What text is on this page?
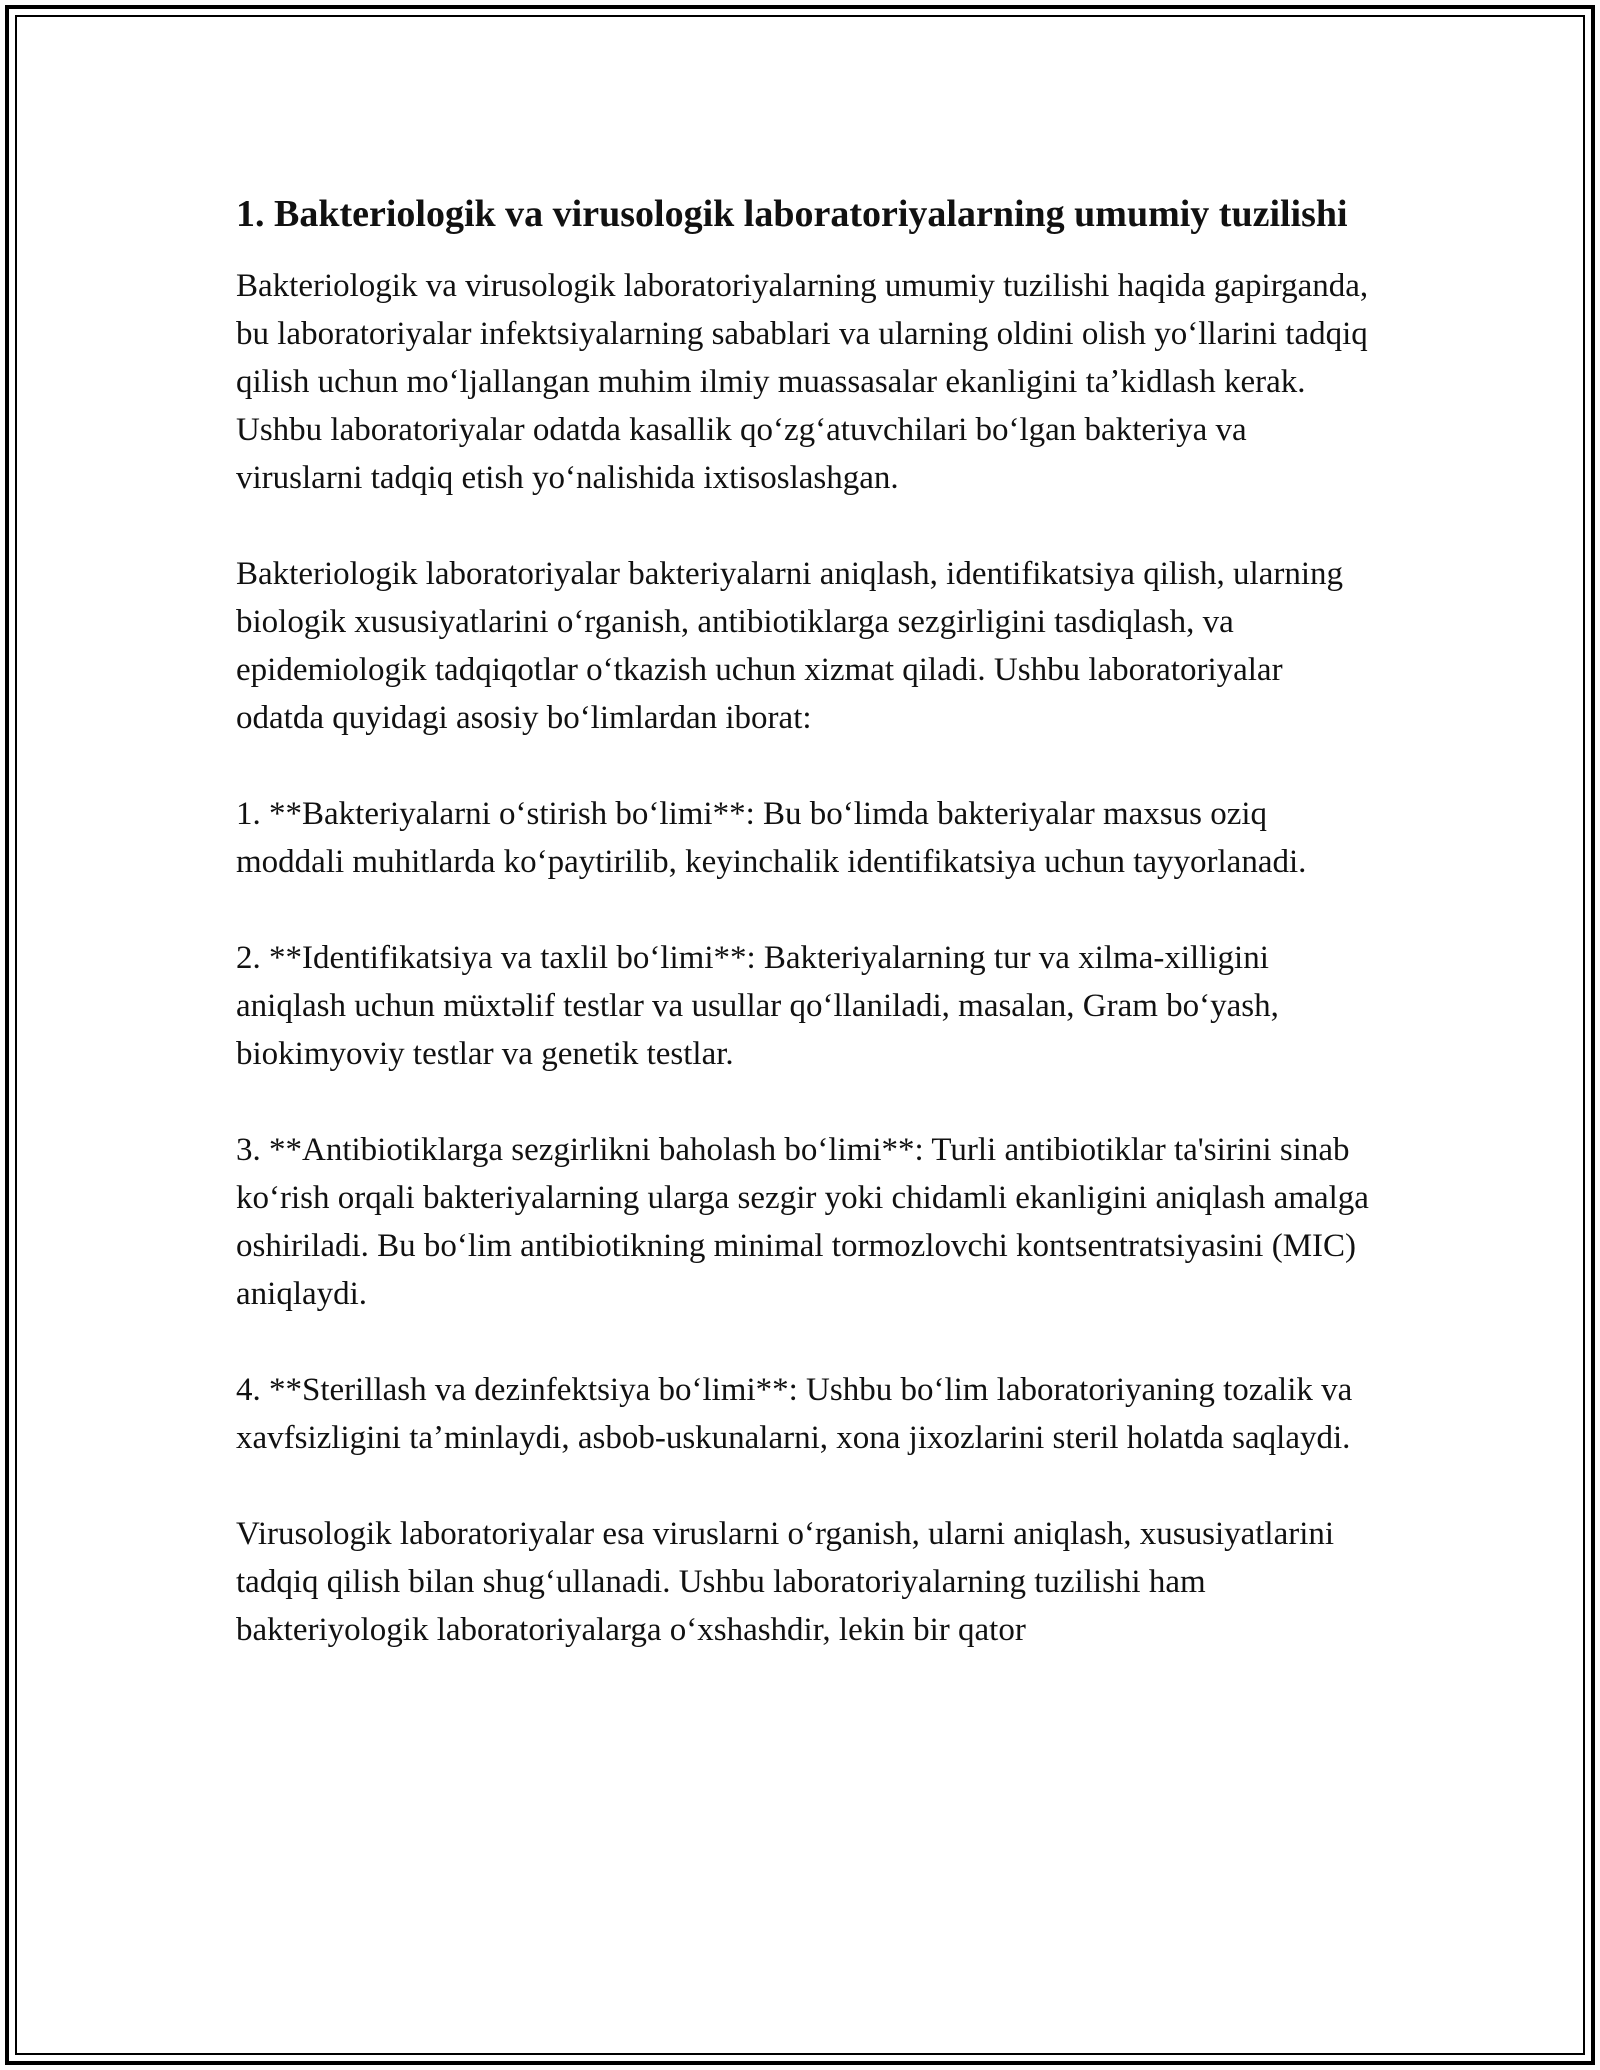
1. Bakteriologik va virusologik laboratoriyalarning umumiy tuzilishi

Bakteriologik va virusologik laboratoriyalarning umumiy tuzilishi haqida gapirganda, bu laboratoriyalar infektsiyalarning sabablari va ularning oldini olish yoʻllarini tadqiq qilish uchun moʻljallangan muhim ilmiy muassasalar ekanligini taʼkidlash kerak. Ushbu laboratoriyalar odatda kasallik qoʻzgʻatuvchilari boʻlgan bakteriya va viruslarni tadqiq etish yoʻnalishida ixtisoslashgan.

Bakteriologik laboratoriyalar bakteriyalarni aniqlash, identifikatsiya qilish, ularning biologik xususiyatlarini oʻrganish, antibiotiklarga sezgirligini tasdiqlash, va epidemiologik tadqiqotlar oʻtkazish uchun xizmat qiladi. Ushbu laboratoriyalar odatda quyidagi asosiy boʻlimlardan iborat:

1. **Bakteriyalarni oʻstirish boʻlimi**: Bu boʻlimda bakteriyalar maxsus oziq moddali muhitlarda koʻpaytirilib, keyinchalik identifikatsiya uchun tayyorlanadi.

2. **Identifikatsiya va taxlil boʻlimi**: Bakteriyalarning tur va xilma-xilligini aniqlash uchun müxtəlif testlar va usullar qoʻllaniladi, masalan, Gram boʻyash, biokimyoviy testlar va genetik testlar.

3. **Antibiotiklarga sezgirlikni baholash boʻlimi**: Turli antibiotiklar ta'sirini sinab koʻrish orqali bakteriyalarning ularga sezgir yoki chidamli ekanligini aniqlash amalga oshiriladi. Bu boʻlim antibiotikning minimal tormozlovchi kontsentratsiyasini (MIC) aniqlaydi.

4. **Sterillash va dezinfektsiya boʻlimi**: Ushbu boʻlim laboratoriyaning tozalik va xavfsizligini taʼminlaydi, asbob-uskunalarni, xona jixozlarini steril holatda saqlaydi.

Virusologik laboratoriyalar esa viruslarni oʻrganish, ularni aniqlash, xususiyatlarini tadqiq qilish bilan shugʻullanadi. Ushbu laboratoriyalarning tuzilishi ham bakteriyologik laboratoriyalarga oʻxshashdir, lekin bir qator
